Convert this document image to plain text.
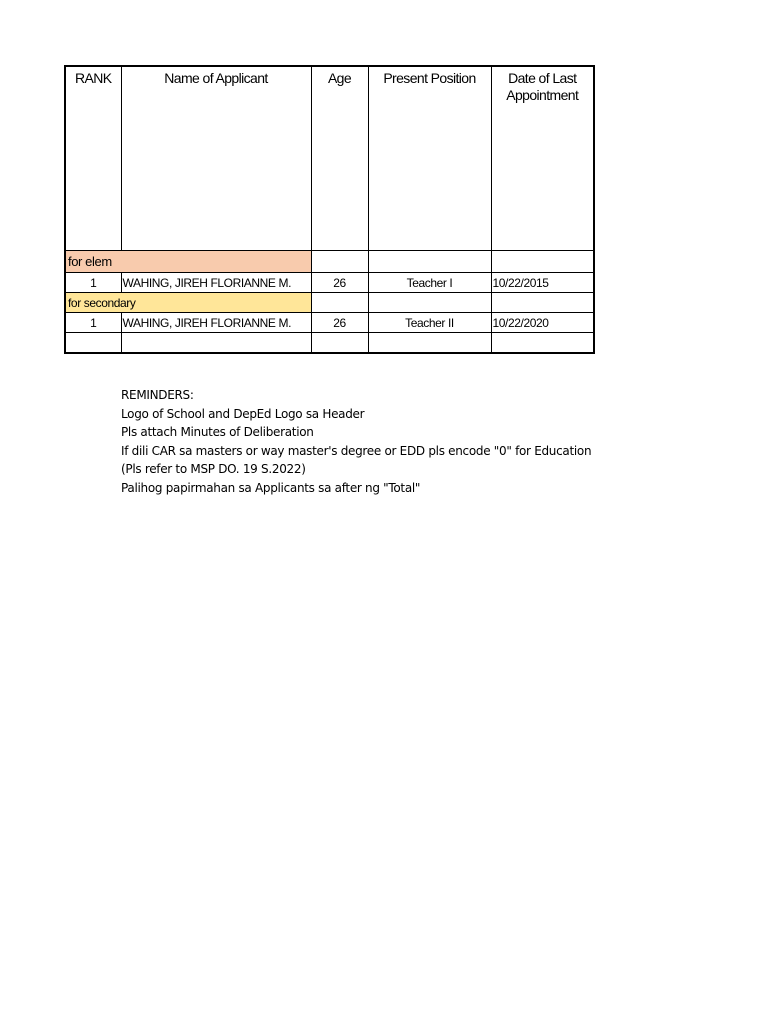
RANK	Name of Applicant	Age	Present Position	Date of Last Appointment
for elem				
1	WAHING, JIREH FLORIANNE M.	26	Teacher I	10/22/2015
for secondary				
1	WAHING, JIREH FLORIANNE M.	26	Teacher II	10/22/2020

REMINDERS:
Logo of School and DepEd Logo sa Header
Pls attach Minutes of Deliberation
If dili CAR sa masters or way master's degree or EDD pls encode "0" for Education
(Pls refer to MSP DO. 19 S.2022)
Palihog papirmahan sa Applicants sa after ng "Total"
